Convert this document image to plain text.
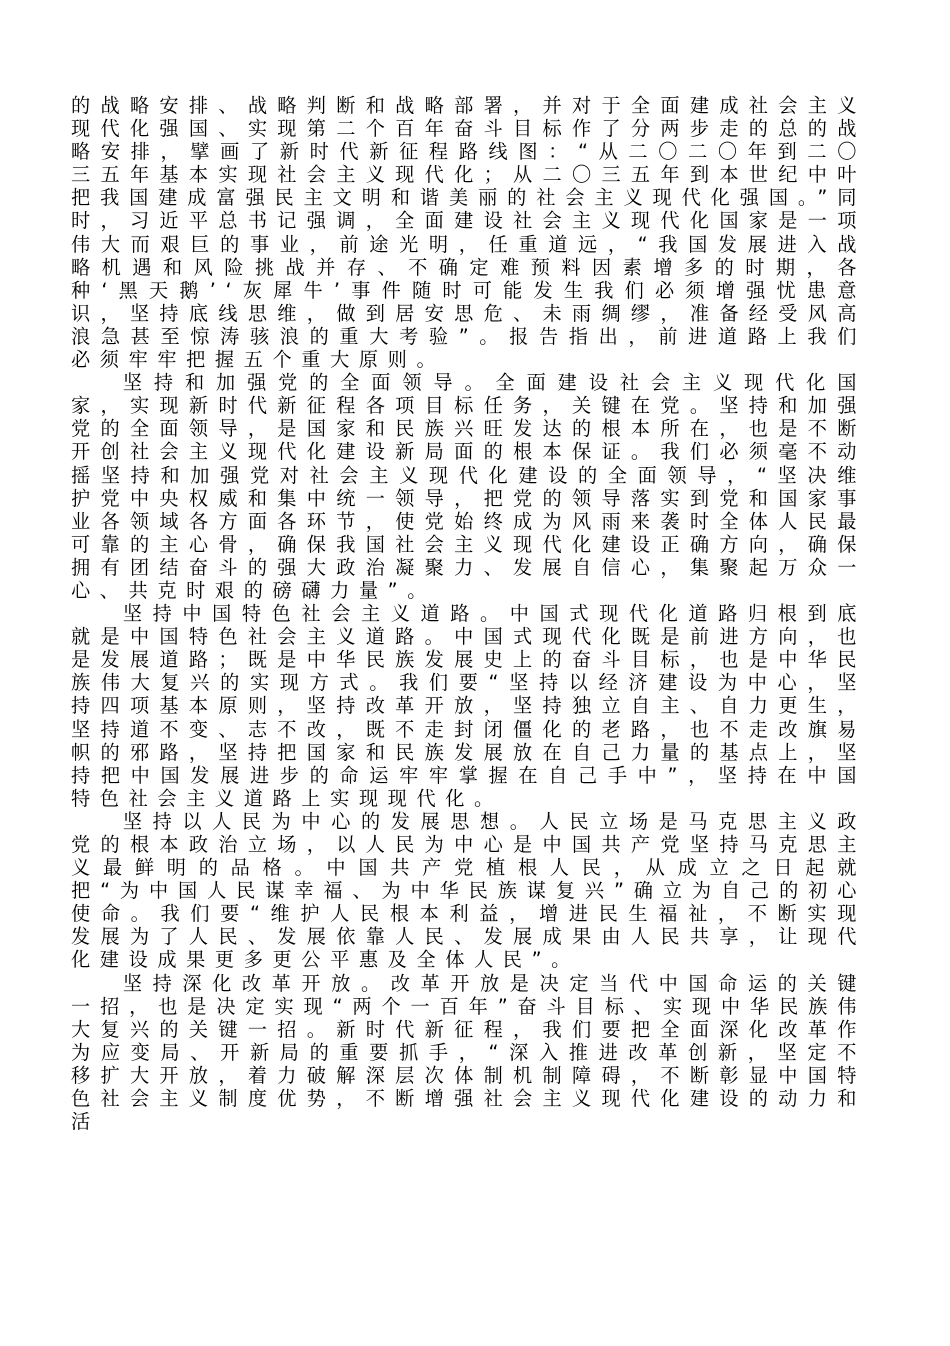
的战略安排、战略判断和战略部署，并对于全面建成社会主义现代化强国、实现第二个百年奋斗目标作了分两步走的总的战略安排，擘画了新时代新征程路线图：“从二〇二〇年到二〇三五年基本实现社会主义现代化；从二〇三五年到本世纪中叶把我国建成富强民主文明和谐美丽的社会主义现代化强国。”同时，习近平总书记强调，全面建设社会主义现代化国家是一项伟大而艰巨的事业，前途光明，任重道远，“我国发展进入战略机遇和风险挑战并存、不确定难预料因素增多的时期，各种‘黑天鹅’‘灰犀牛’事件随时可能发生我们必须增强忧患意识，坚持底线思维，做到居安思危、未雨绸缪，准备经受风高浪急甚至惊涛骇浪的重大考验”。报告指出，前进道路上我们必须牢牢把握五个重大原则。

坚持和加强党的全面领导。全面建设社会主义现代化国家，实现新时代新征程各项目标任务，关键在党。坚持和加强党的全面领导，是国家和民族兴旺发达的根本所在，也是不断开创社会主义现代化建设新局面的根本保证。我们必须毫不动摇坚持和加强党对社会主义现代化建设的全面领导，“坚决维护党中央权威和集中统一领导，把党的领导落实到党和国家事业各领域各方面各环节，使党始终成为风雨来袭时全体人民最可靠的主心骨，确保我国社会主义现代化建设正确方向，确保拥有团结奋斗的强大政治凝聚力、发展自信心，集聚起万众一心、共克时艰的磅礴力量”。

坚持中国特色社会主义道路。中国式现代化道路归根到底就是中国特色社会主义道路。中国式现代化既是前进方向，也是发展道路；既是中华民族发展史上的奋斗目标，也是中华民族伟大复兴的实现方式。我们要“坚持以经济建设为中心，坚持四项基本原则，坚持改革开放，坚持独立自主、自力更生，坚持道不变、志不改，既不走封闭僵化的老路，也不走改旗易帜的邪路，坚持把国家和民族发展放在自己力量的基点上，坚持把中国发展进步的命运牢牢掌握在自己手中”，坚持在中国特色社会主义道路上实现现代化。

坚持以人民为中心的发展思想。人民立场是马克思主义政党的根本政治立场，以人民为中心是中国共产党坚持马克思主义最鲜明的品格。中国共产党植根人民，从成立之日起就把“为中国人民谋幸福、为中华民族谋复兴”确立为自己的初心使命。我们要“维护人民根本利益，增进民生福祉，不断实现发展为了人民、发展依靠人民、发展成果由人民共享，让现代化建设成果更多更公平惠及全体人民”。

坚持深化改革开放。改革开放是决定当代中国命运的关键一招，也是决定实现“两个一百年”奋斗目标、实现中华民族伟大复兴的关键一招。新时代新征程，我们要把全面深化改革作为应变局、开新局的重要抓手，“深入推进改革创新，坚定不移扩大开放，着力破解深层次体制机制障碍，不断彰显中国特色社会主义制度优势，不断增强社会主义现代化建设的动力和活
